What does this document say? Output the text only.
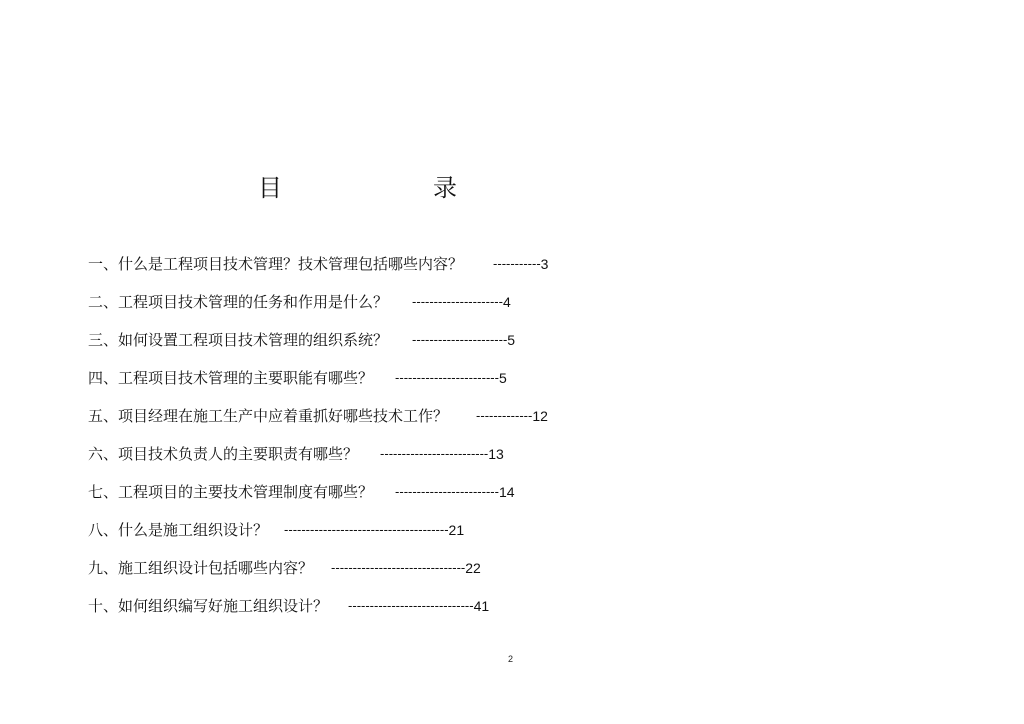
目	录
一、 什么是工程项目技术管理？技术管理包括哪些内容？ ----------- 3
二、 工程项目技术管理的任务和作用是什么？ --------------------- 4
三、 如何设置工程项目技术管理的组织系统？ ---------------------- 5
四、 工程项目技术管理的主要职能有哪些？ ------------------------ 5
五、 项目经理在施工生产中应着重抓好哪些技术工作？ ------------- 12
六、 项目技术负责人的主要职责有哪些？ ------------------------- 13
七、 工程项目的主要技术管理制度有哪些？ ------------------------ 14
八、 什么是施工组织设计？ -------------------------------------- 21
九、 施工组织设计包括哪些内容？ ------------------------------- 22
十、 如何组织编写好施工组织设计？ ----------------------------- 41
2
